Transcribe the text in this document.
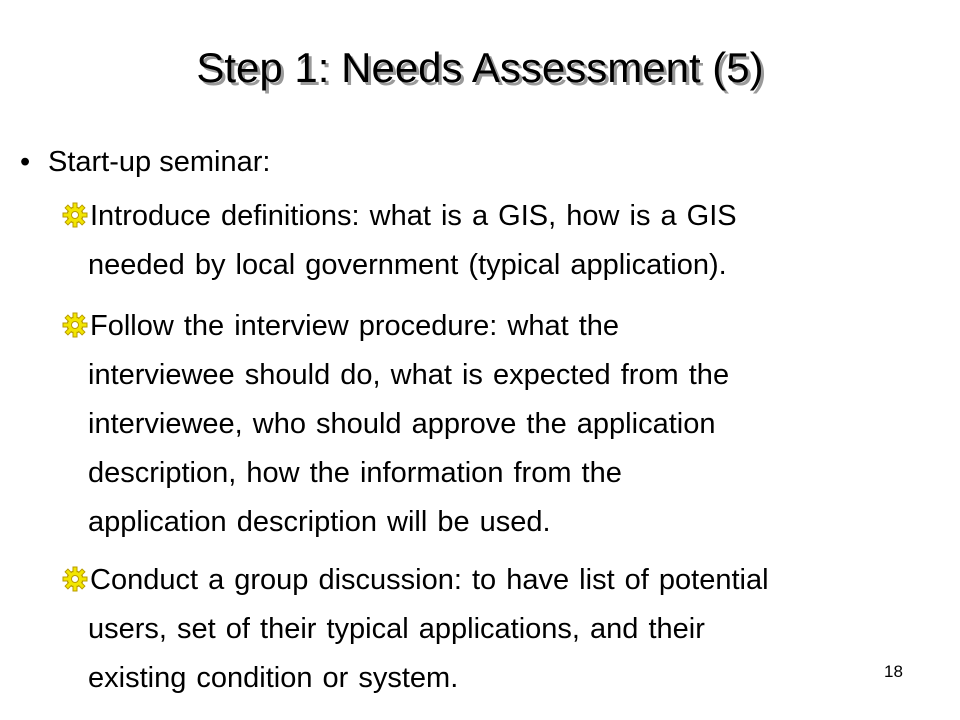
Step 1: Needs Assessment (5)
• Start-up seminar:
Introduce definitions: what is a GIS, how is a GIS
needed by local government (typical application).
Follow the interview procedure: what the
interviewee should do, what is expected from the
interviewee, who should approve the application
description, how the information from the
application description will be used.
Conduct a group discussion: to have list of potential
users, set of their typical applications, and their
existing condition or system.	18
